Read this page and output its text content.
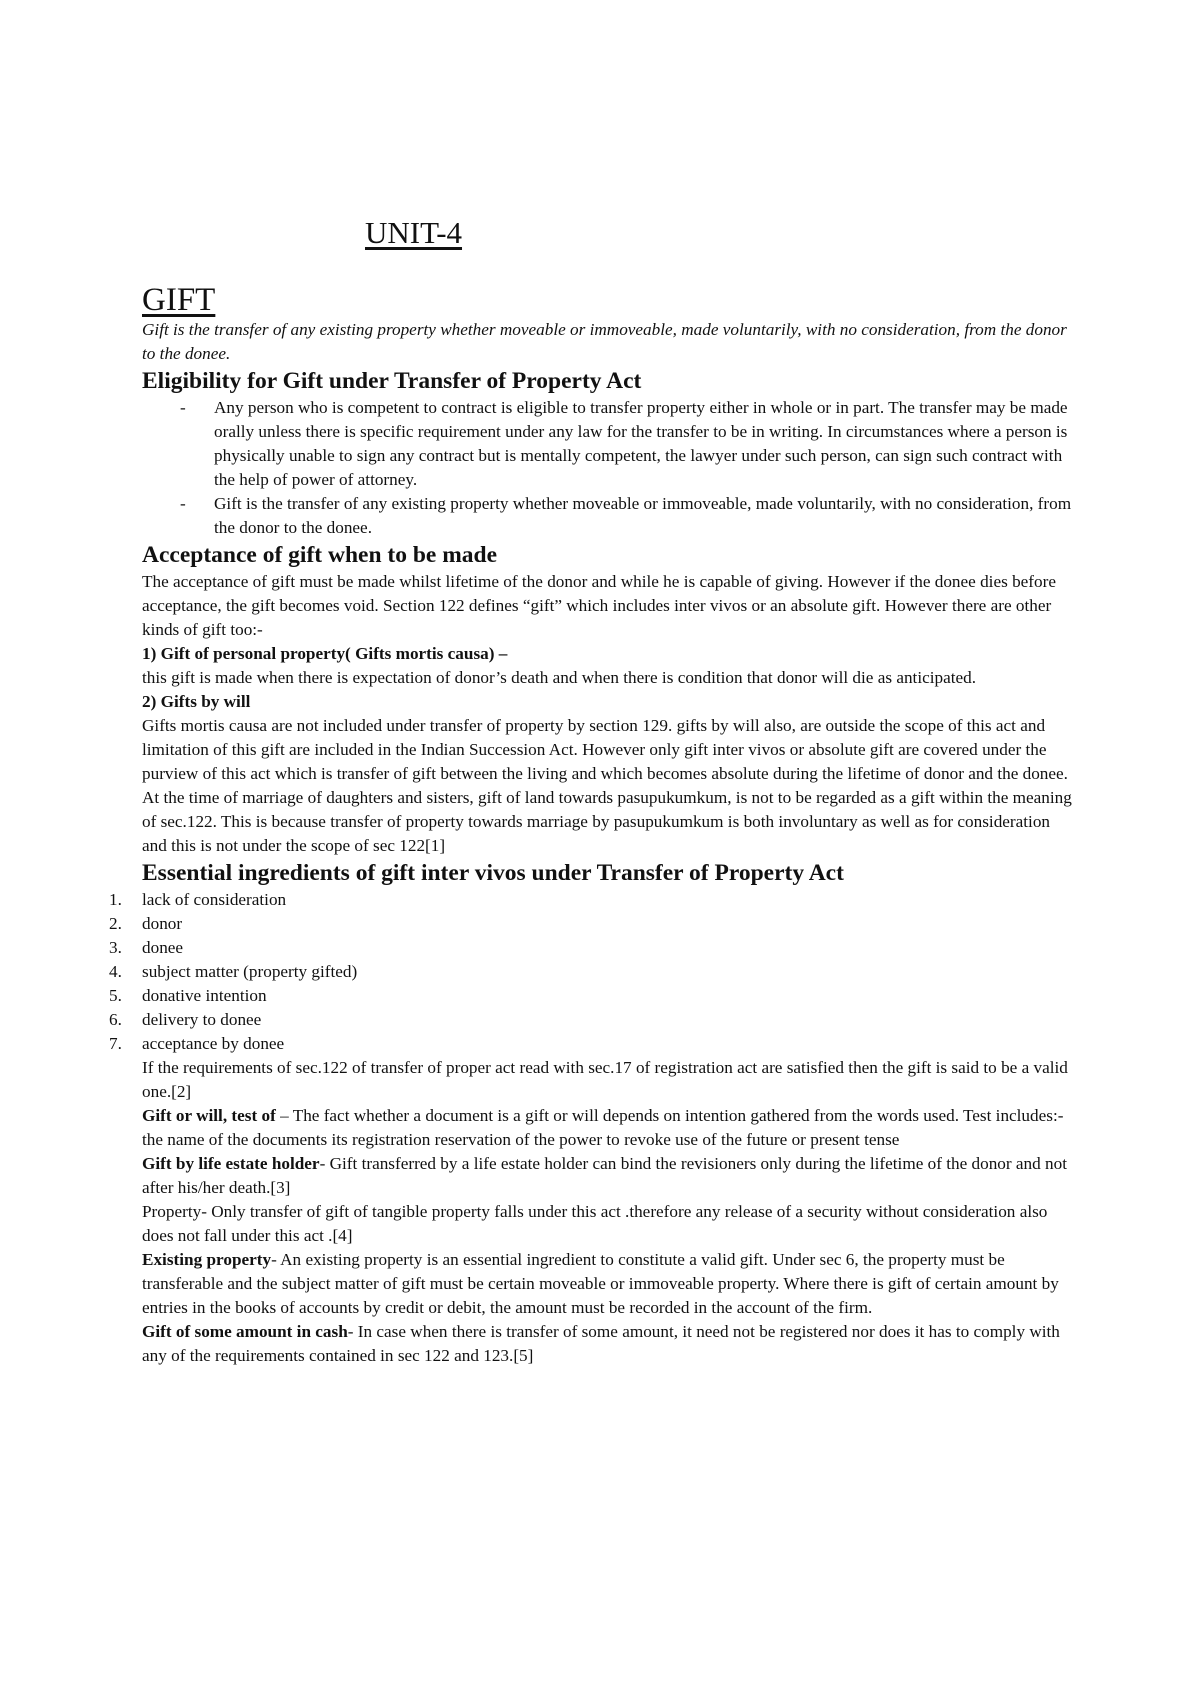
UNIT-4
GIFT

Gift is the transfer of any existing property whether moveable or immoveable, made voluntarily, with no consideration, from the donor to the donee.

Eligibility for Gift under Transfer of Property Act
- Any person who is competent to contract is eligible to transfer property either in whole or in part. The transfer may be made orally unless there is specific requirement under any law for the transfer to be in writing. In circumstances where a person is physically unable to sign any contract but is mentally competent, the lawyer under such person, can sign such contract with the help of power of attorney.
- Gift is the transfer of any existing property whether moveable or immoveable, made voluntarily, with no consideration, from the donor to the donee.
Acceptance of gift when to be made

The acceptance of gift must be made whilst lifetime of the donor and while he is capable of giving. However if the donee dies before acceptance, the gift becomes void. Section 122 defines “gift” which includes inter vivos or an absolute gift. However there are other kinds of gift too:-

1) Gift of personal property( Gifts mortis causa) –

this gift is made when there is expectation of donor’s death and when there is condition that donor will die as anticipated.

2) Gifts by will

Gifts mortis causa are not included under transfer of property by section 129. gifts by will also, are outside the scope of this act and limitation of this gift are included in the Indian Succession Act. However only gift inter vivos or absolute gift are covered under the purview of this act which is transfer of gift between the living and which becomes absolute during the lifetime of donor and the donee.

At the time of marriage of daughters and sisters, gift of land towards pasupukumkum, is not to be regarded as a gift within the meaning of sec.122. This is because transfer of property towards marriage by pasupukumkum is both involuntary as well as for consideration and this is not under the scope of sec 122[1]

Essential ingredients of gift inter vivos under Transfer of Property Act
1. lack of consideration
2. donor
3. donee
4. subject matter (property gifted)
5. donative intention
6. delivery to donee
7. acceptance by donee

If the requirements of sec.122 of transfer of proper act read with sec.17 of registration act are satisfied then the gift is said to be a valid one.[2]

Gift or will, test of – The fact whether a document is a gift or will depends on intention gathered from the words used. Test includes:-the name of the documents its registration reservation of the power to revoke use of the future or present tense

Gift by life estate holder- Gift transferred by a life estate holder can bind the revisioners only during the lifetime of the donor and not after his/her death.[3]

Property- Only transfer of gift of tangible property falls under this act .therefore any release of a security without consideration also does not fall under this act .[4]

Existing property- An existing property is an essential ingredient to constitute a valid gift. Under sec 6, the property must be transferable and the subject matter of gift must be certain moveable or immoveable property. Where there is gift of certain amount by entries in the books of accounts by credit or debit, the amount must be recorded in the account of the firm.

Gift of some amount in cash- In case when there is transfer of some amount, it need not be registered nor does it has to comply with any of the requirements contained in sec 122 and 123.[5]
